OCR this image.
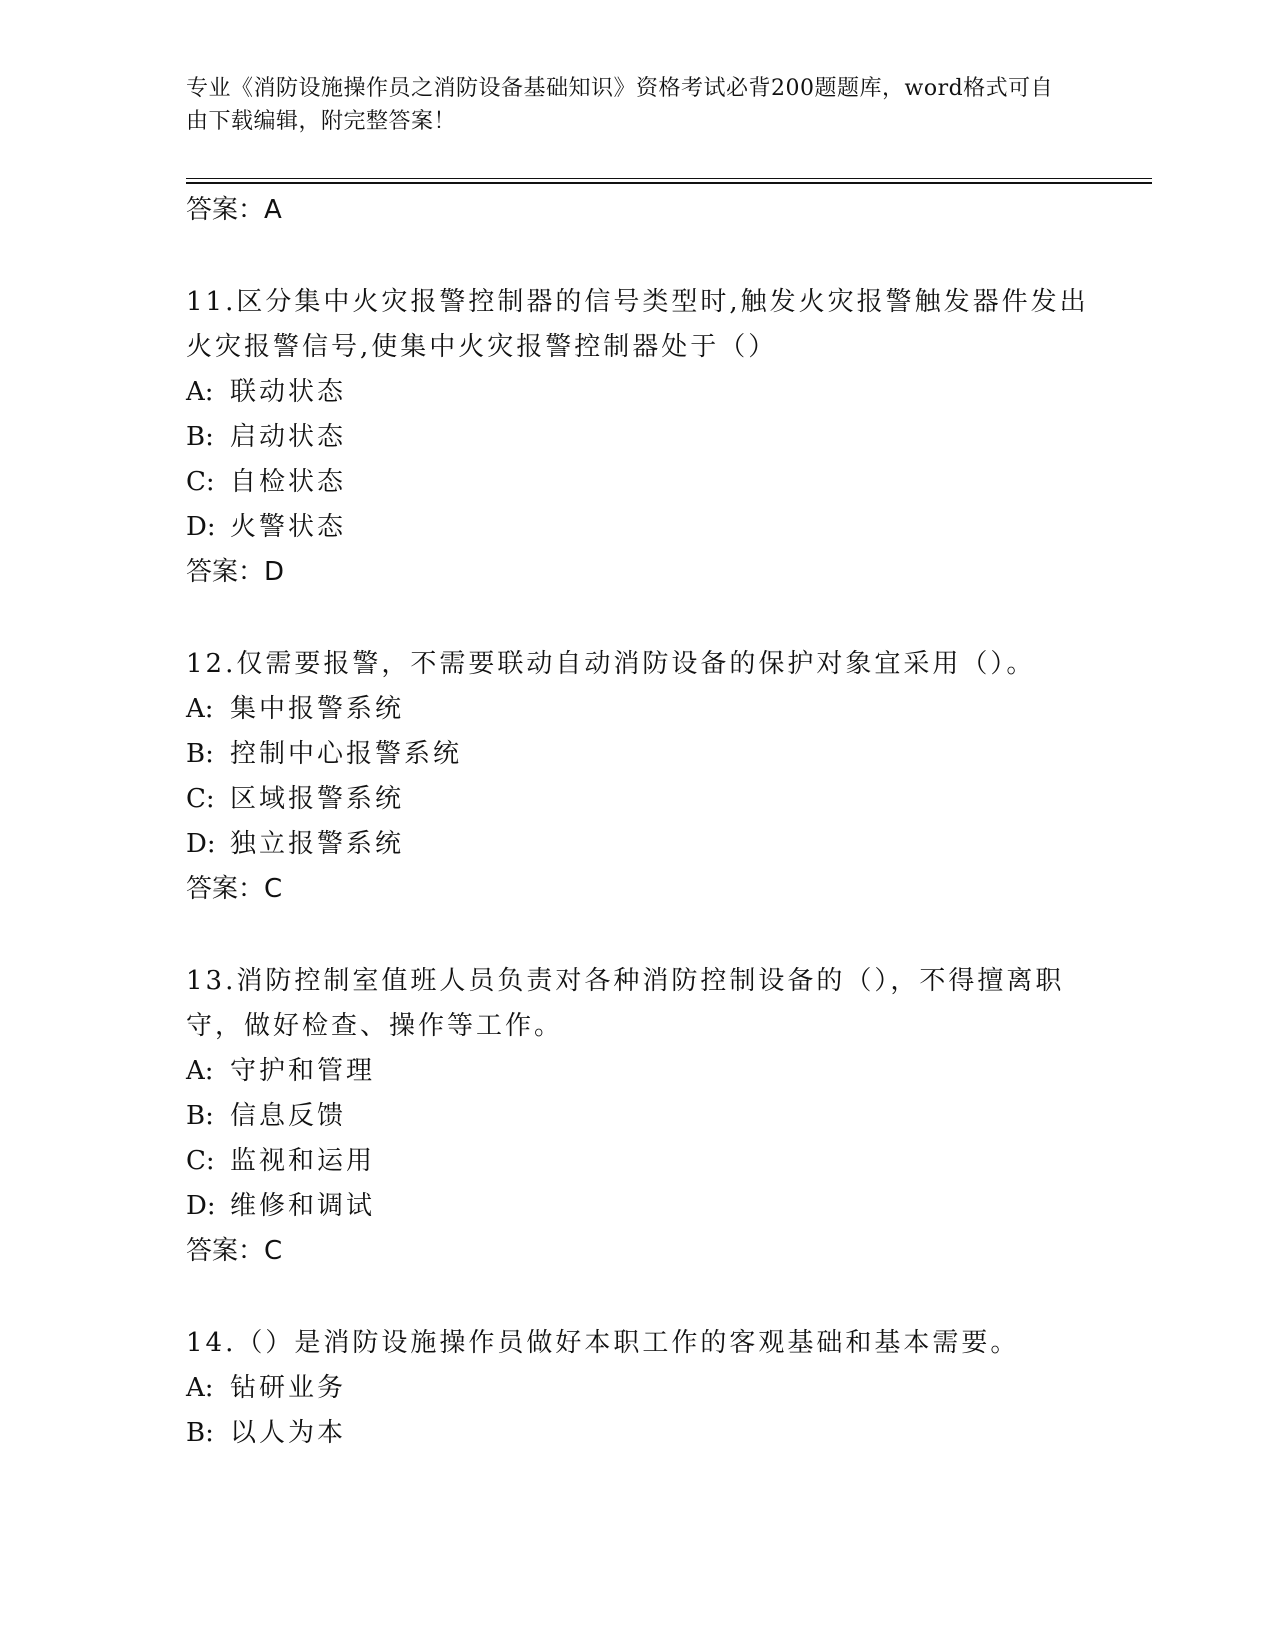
专业《消防设施操作员之消防设备基础知识》资格考试必背200题题库，word格式可自由下载编辑，附完整答案！

答案：A

11.区分集中火灾报警控制器的信号类型时,触发火灾报警触发器件发出火灾报警信号,使集中火灾报警控制器处于（）

A: 联动状态

B: 启动状态

C: 自检状态

D: 火警状态

答案：D

12.仅需要报警，不需要联动自动消防设备的保护对象宜采用（）。

A: 集中报警系统

B: 控制中心报警系统

C: 区域报警系统

D: 独立报警系统

答案：C

13.消防控制室值班人员负责对各种消防控制设备的（），不得擅离职守，做好检查、操作等工作。

A: 守护和管理

B: 信息反馈

C: 监视和运用

D: 维修和调试

答案：C

14.（）是消防设施操作员做好本职工作的客观基础和基本需要。

A: 钻研业务

B: 以人为本
